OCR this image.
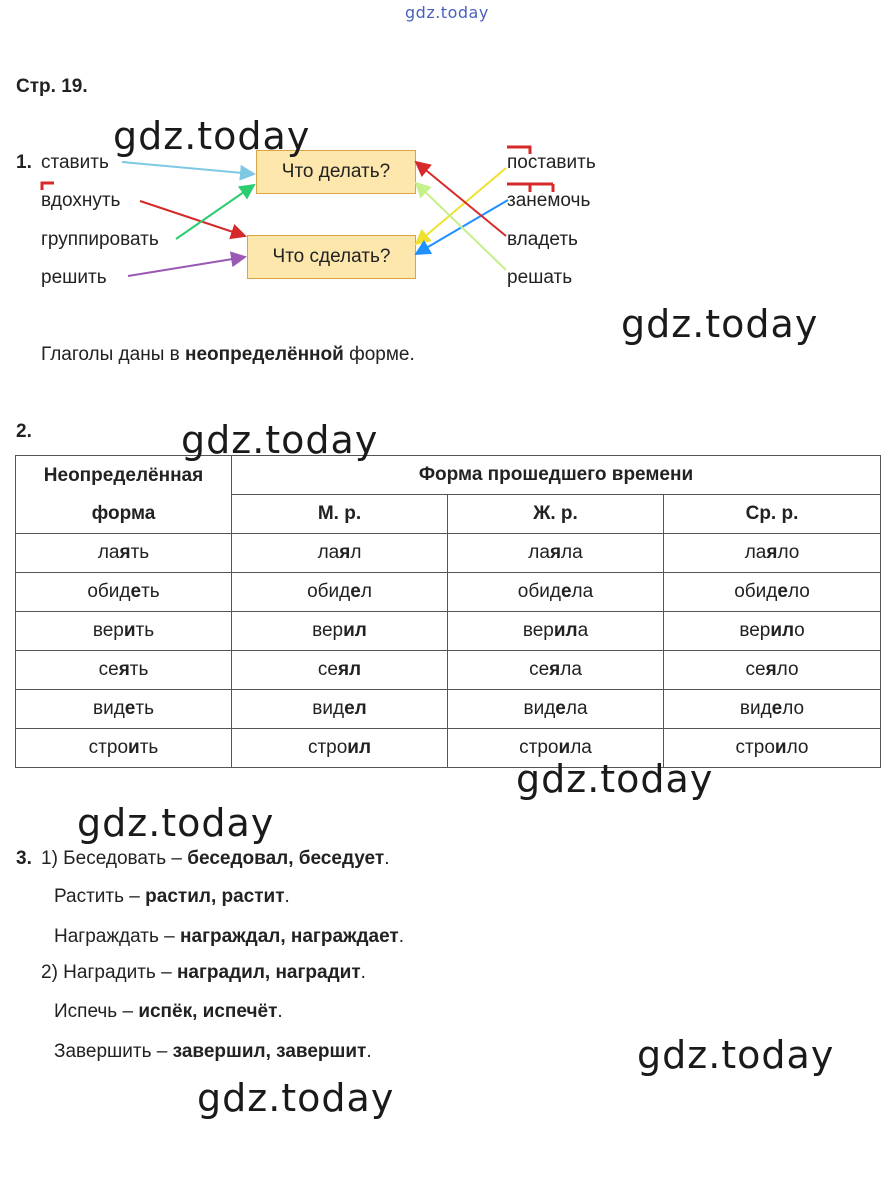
gdz.today
Стр. 19.
1. ставить
вдохнуть
группировать
решить
поставить
занемочь
владеть
решать
Что делать?
Что сделать?
Глаголы даны в неопределённой форме.
2.
Неопределённая
форма	Форма прошедшего времени		
	М. р.	Ж. р.	Ср. р.
лаять	лаял	лаяла	лаяло
обидеть	обидел	обидела	обидело
верить	верил	верила	верило
сеять	сеял	сеяла	сеяло
видеть	видел	видела	видело
строить	строил	строила	строило
3. 1) Беседовать – беседовал, беседует.
Растить – растил, растит.
Награждать – награждал, награждает.
2) Наградить – наградил, наградит.
Испечь – испёк, испечёт.
Завершить – завершил, завершит.
gdz.today
gdz.today
gdz.today
gdz.today
gdz.today
gdz.today
gdz.today
